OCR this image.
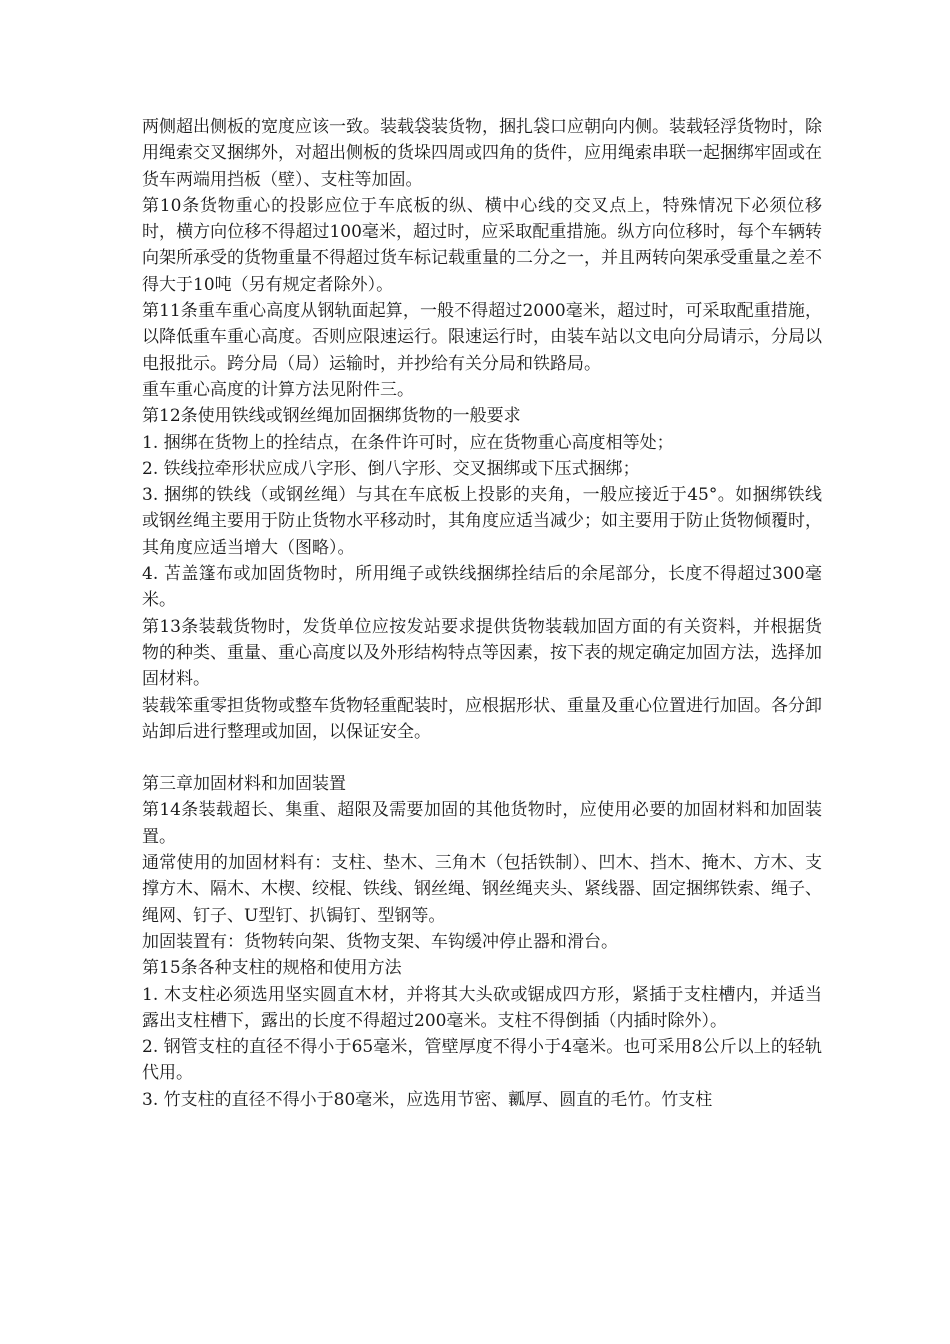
两侧超出侧板的宽度应该一致。装载袋装货物，捆扎袋口应朝向内侧。装载轻浮货物时，除用绳索交叉捆绑外，对超出侧板的货垛四周或四角的货件，应用绳索串联一起捆绑牢固或在货车两端用挡板（壁）、支柱等加固。

第10条货物重心的投影应位于车底板的纵、横中心线的交叉点上，特殊情况下必须位移时，横方向位移不得超过100毫米，超过时，应采取配重措施。纵方向位移时，每个车辆转向架所承受的货物重量不得超过货车标记载重量的二分之一，并且两转向架承受重量之差不得大于10吨（另有规定者除外）。

第11条重车重心高度从钢轨面起算，一般不得超过2000毫米，超过时，可采取配重措施，以降低重车重心高度。否则应限速运行。限速运行时，由装车站以文电向分局请示，分局以电报批示。跨分局（局）运输时，并抄给有关分局和铁路局。

重车重心高度的计算方法见附件三。

第12条使用铁线或钢丝绳加固捆绑货物的一般要求

1. 捆绑在货物上的拴结点，在条件许可时，应在货物重心高度相等处；

2. 铁线拉牵形状应成八字形、倒八字形、交叉捆绑或下压式捆绑；

3. 捆绑的铁线（或钢丝绳）与其在车底板上投影的夹角，一般应接近于45°。如捆绑铁线或钢丝绳主要用于防止货物水平移动时，其角度应适当减少；如主要用于防止货物倾覆时，其角度应适当增大（图略）。

4. 苫盖篷布或加固货物时，所用绳子或铁线捆绑拴结后的余尾部分，长度不得超过300毫米。

第13条装载货物时，发货单位应按发站要求提供货物装载加固方面的有关资料，并根据货物的种类、重量、重心高度以及外形结构特点等因素，按下表的规定确定加固方法，选择加固材料。

装载笨重零担货物或整车货物轻重配装时，应根据形状、重量及重心位置进行加固。各分卸站卸后进行整理或加固，以保证安全。

第三章加固材料和加固装置

第14条装载超长、集重、超限及需要加固的其他货物时，应使用必要的加固材料和加固装置。

通常使用的加固材料有：支柱、垫木、三角木（包括铁制）、凹木、挡木、掩木、方木、支撑方木、隔木、木楔、绞棍、铁线、钢丝绳、钢丝绳夹头、紧线器、固定捆绑铁索、绳子、绳网、钉子、U型钉、扒锔钉、型钢等。

加固装置有：货物转向架、货物支架、车钩缓冲停止器和滑台。

第15条各种支柱的规格和使用方法

1. 木支柱必须选用坚实圆直木材，并将其大头砍或锯成四方形，紧插于支柱槽内，并适当露出支柱槽下，露出的长度不得超过200毫米。支柱不得倒插（内插时除外）。

2. 钢管支柱的直径不得小于65毫米，管壁厚度不得小于4毫米。也可采用8公斤以上的轻轨代用。

3. 竹支柱的直径不得小于80毫米，应选用节密、瓤厚、圆直的毛竹。竹支柱
